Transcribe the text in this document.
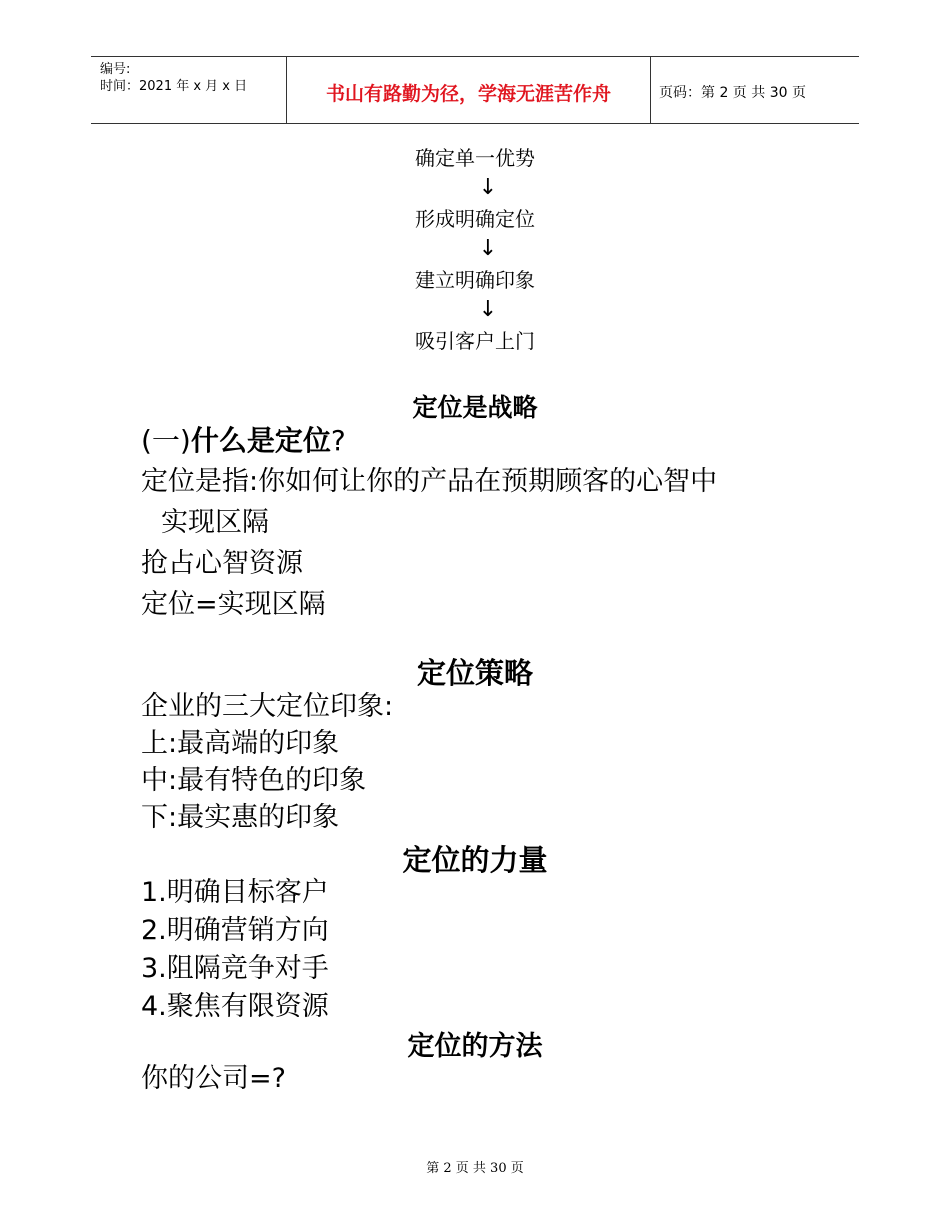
编号:
时间：2021 年 x 月 x 日	书山有路勤为径，学海无涯苦作舟	页码：第 2 页 共 30 页
确定单一优势
↓
形成明确定位
↓
建立明确印象
↓
吸引客户上门
定位是战略
(一)什么是定位?
定位是指:你如何让你的产品在预期顾客的心智中
实现区隔
抢占心智资源
定位=实现区隔
定位策略
企业的三大定位印象:
上:最高端的印象
中:最有特色的印象
下:最实惠的印象
定位的力量
1.明确目标客户
2.明确营销方向
3.阻隔竞争对手
4.聚焦有限资源
定位的方法
你的公司=?
第 2 页 共 30 页
